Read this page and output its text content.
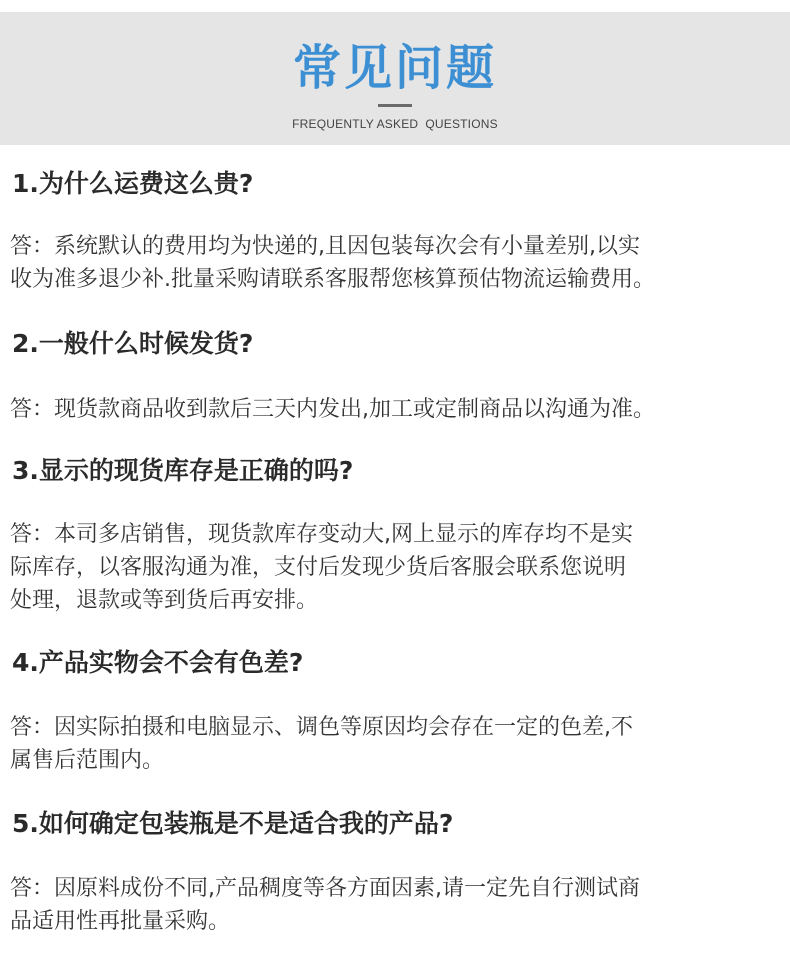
常见问题
FREQUENTLY ASKED  QUESTIONS
1.为什么运费这么贵?
答：系统默认的费用均为快递的,且因包装每次会有小量差别,以实
收为准多退少补.批量采购请联系客服帮您核算预估物流运输费用。
2.一般什么时候发货?
答：现货款商品收到款后三天内发出,加工或定制商品以沟通为准。
3.显示的现货库存是正确的吗?
答：本司多店销售，现货款库存变动大,网上显示的库存均不是实
际库存，以客服沟通为准，支付后发现少货后客服会联系您说明
处理，退款或等到货后再安排。
4.产品实物会不会有色差?
答：因实际拍摄和电脑显示、调色等原因均会存在一定的色差,不
属售后范围内。
5.如何确定包装瓶是不是适合我的产品?
答：因原料成份不同,产品稠度等各方面因素,请一定先自行测试商
品适用性再批量采购。
